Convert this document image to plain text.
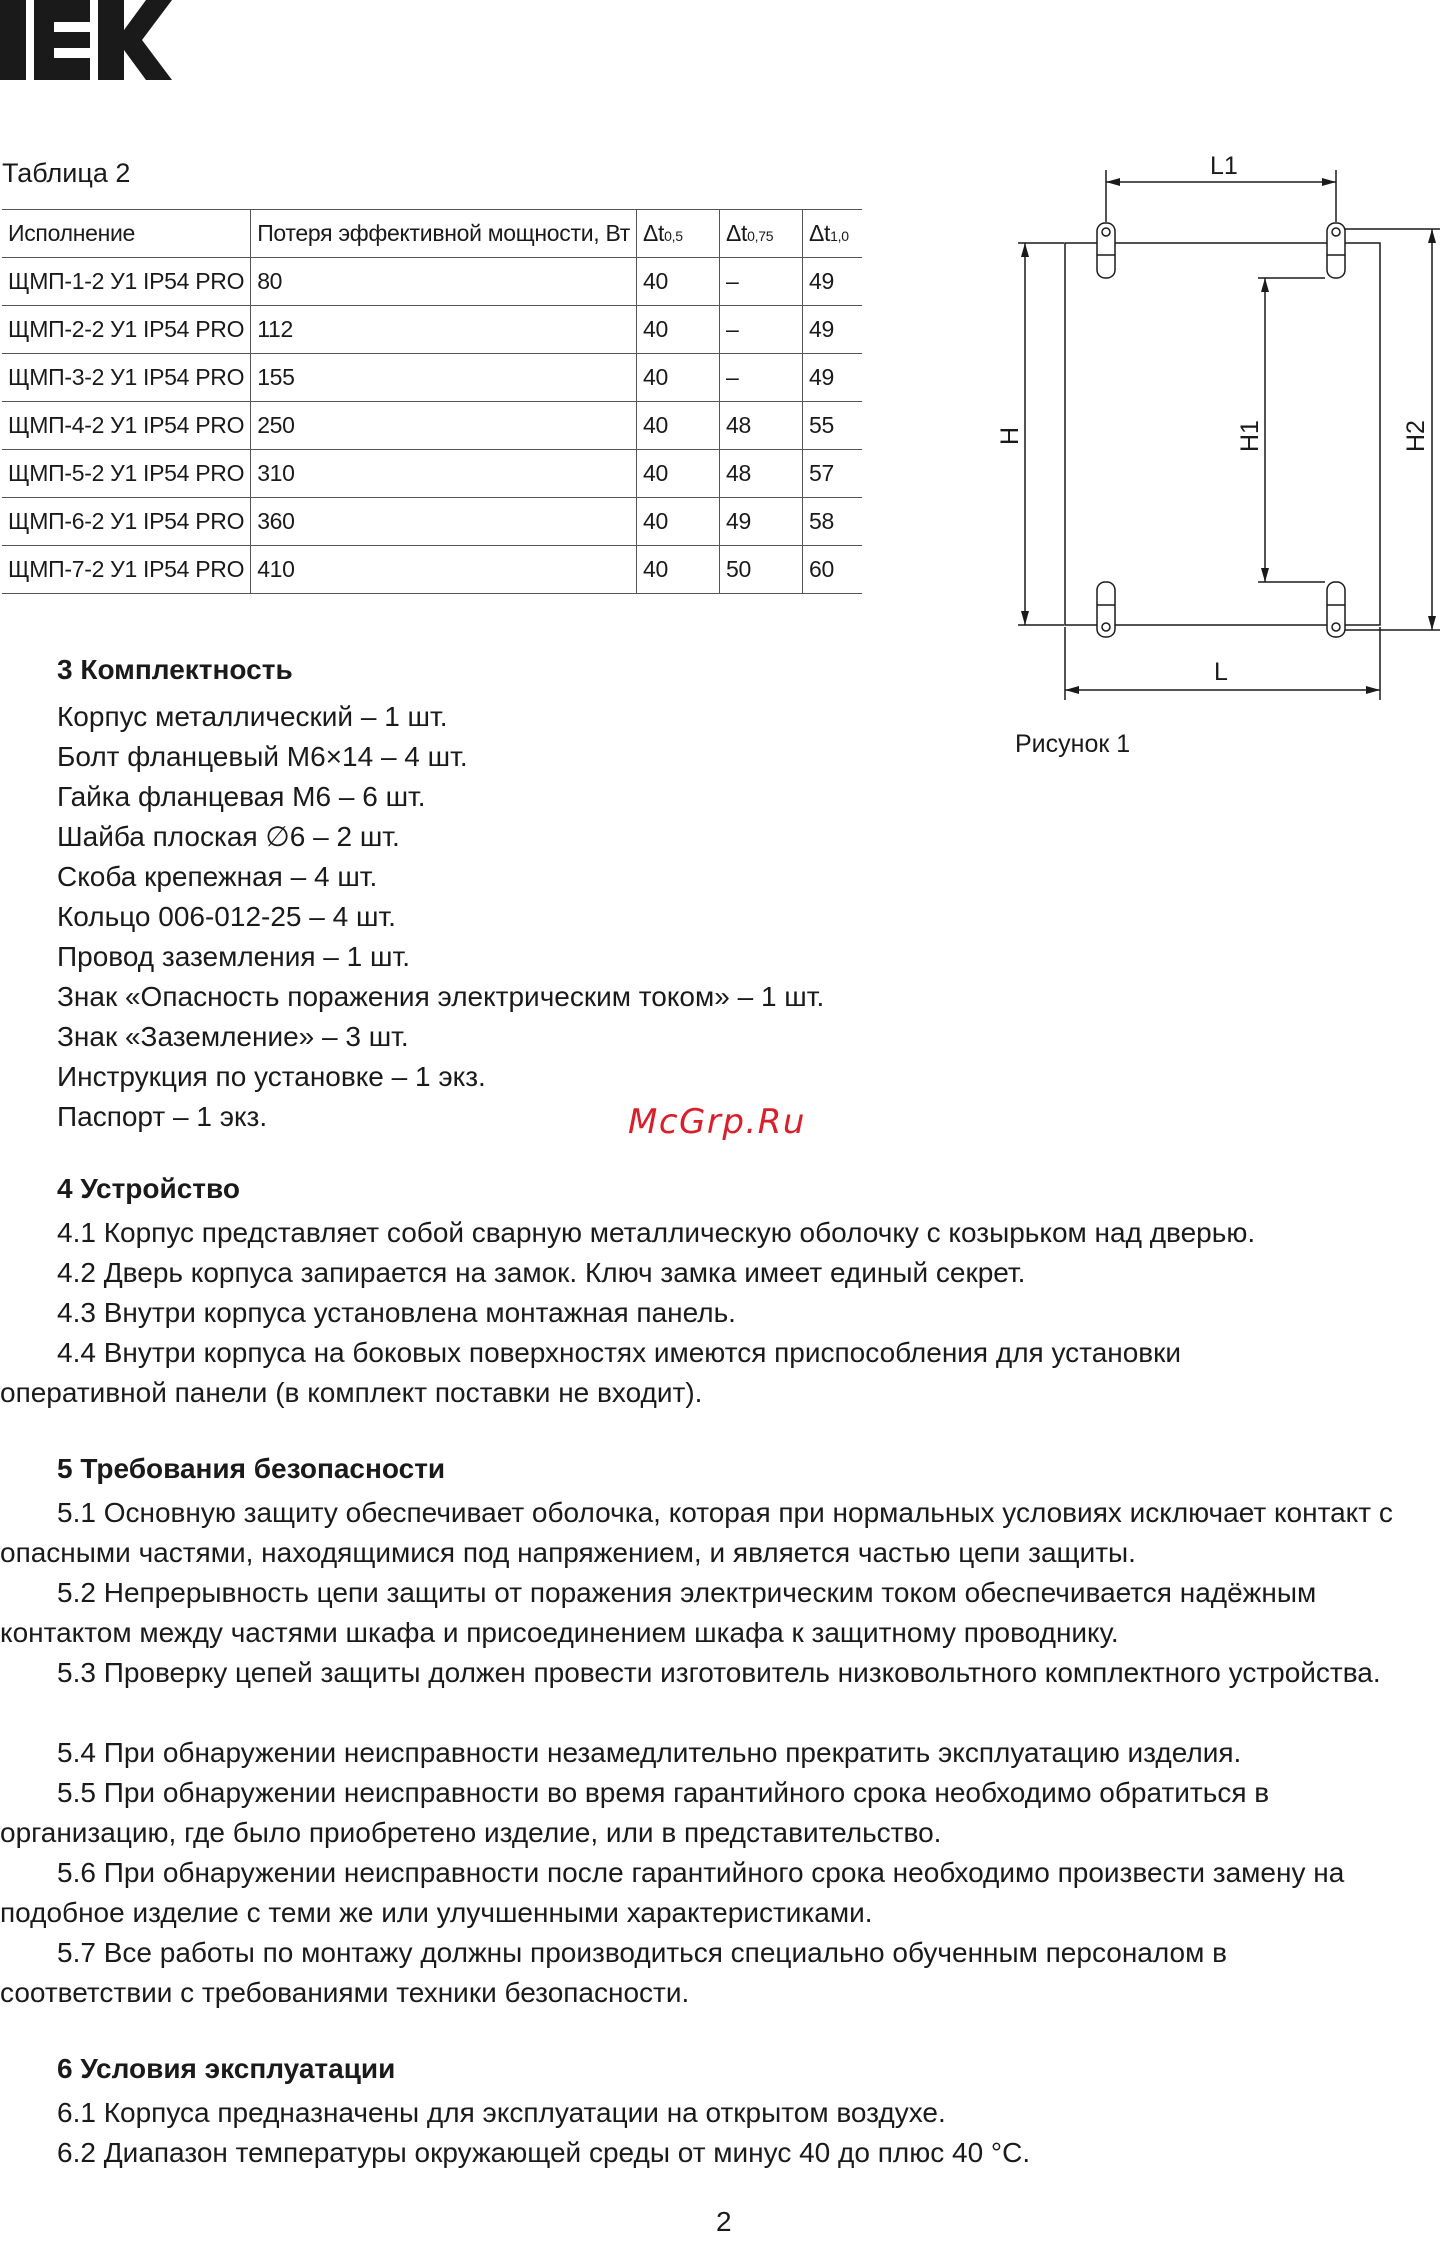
Таблица 2
Исполнение	Потеря эффективной мощности, Вт	Δt0,5	Δt0,75	Δt1,0
ЩМП-1-2 У1 IP54 PRO	80	40	–	49
ЩМП-2-2 У1 IP54 PRO	112	40	–	49
ЩМП-3-2 У1 IP54 PRO	155	40	–	49
ЩМП-4-2 У1 IP54 PRO	250	40	48	55
ЩМП-5-2 У1 IP54 PRO	310	40	48	57
ЩМП-6-2 У1 IP54 PRO	360	40	49	58
ЩМП-7-2 У1 IP54 PRO	410	40	50	60
L1
H	H1	H2
L
Рисунок 1
3 Комплектность
Корпус металлический – 1 шт.
Болт фланцевый М6×14 – 4 шт.
Гайка фланцевая М6 – 6 шт.
Шайба плоская ∅6 – 2 шт.
Скоба крепежная – 4 шт.
Кольцо 006-012-25 – 4 шт.
Провод заземления – 1 шт.
Знак «Опасность поражения электрическим током» – 1 шт.
Знак «Заземление» – 3 шт.
Инструкция по установке – 1 экз.
Паспорт – 1 экз.	McGrp.Ru
4 Устройство

4.1 Корпус представляет собой сварную металлическую оболочку с козырьком над дверью.

4.2 Дверь корпуса запирается на замок. Ключ замка имеет единый секрет.

4.3 Внутри корпуса установлена монтажная панель.

4.4 Внутри корпуса на боковых поверхностях имеются приспособления для установки оперативной панели (в комплект поставки не входит).

5 Требования безопасности

5.1 Основную защиту обеспечивает оболочка, которая при нормальных условиях исключает контакт с опасными частями, находящимися под напряжением, и является частью цепи защиты.

5.2 Непрерывность цепи защиты от поражения электрическим током обеспечивается надёжным контактом между частями шкафа и присоединением шкафа к защитному проводнику.

5.3 Проверку цепей защиты должен провести изготовитель низковольтного комплектного устройства.

5.4 При обнаружении неисправности незамедлительно прекратить эксплуатацию изделия.

5.5 При обнаружении неисправности во время гарантийного срока необходимо обратиться в организацию, где было приобретено изделие, или в представительство.

5.6 При обнаружении неисправности после гарантийного срока необходимо произвести замену на подобное изделие с теми же или улучшенными характеристиками.

5.7 Все работы по монтажу должны производиться специально обученным персоналом в соответствии с требованиями техники безопасности.

6 Условия эксплуатации

6.1 Корпуса предназначены для эксплуатации на открытом воздухе.

6.2 Диапазон температуры окружающей среды от минус 40 до плюс 40 °С.

2
